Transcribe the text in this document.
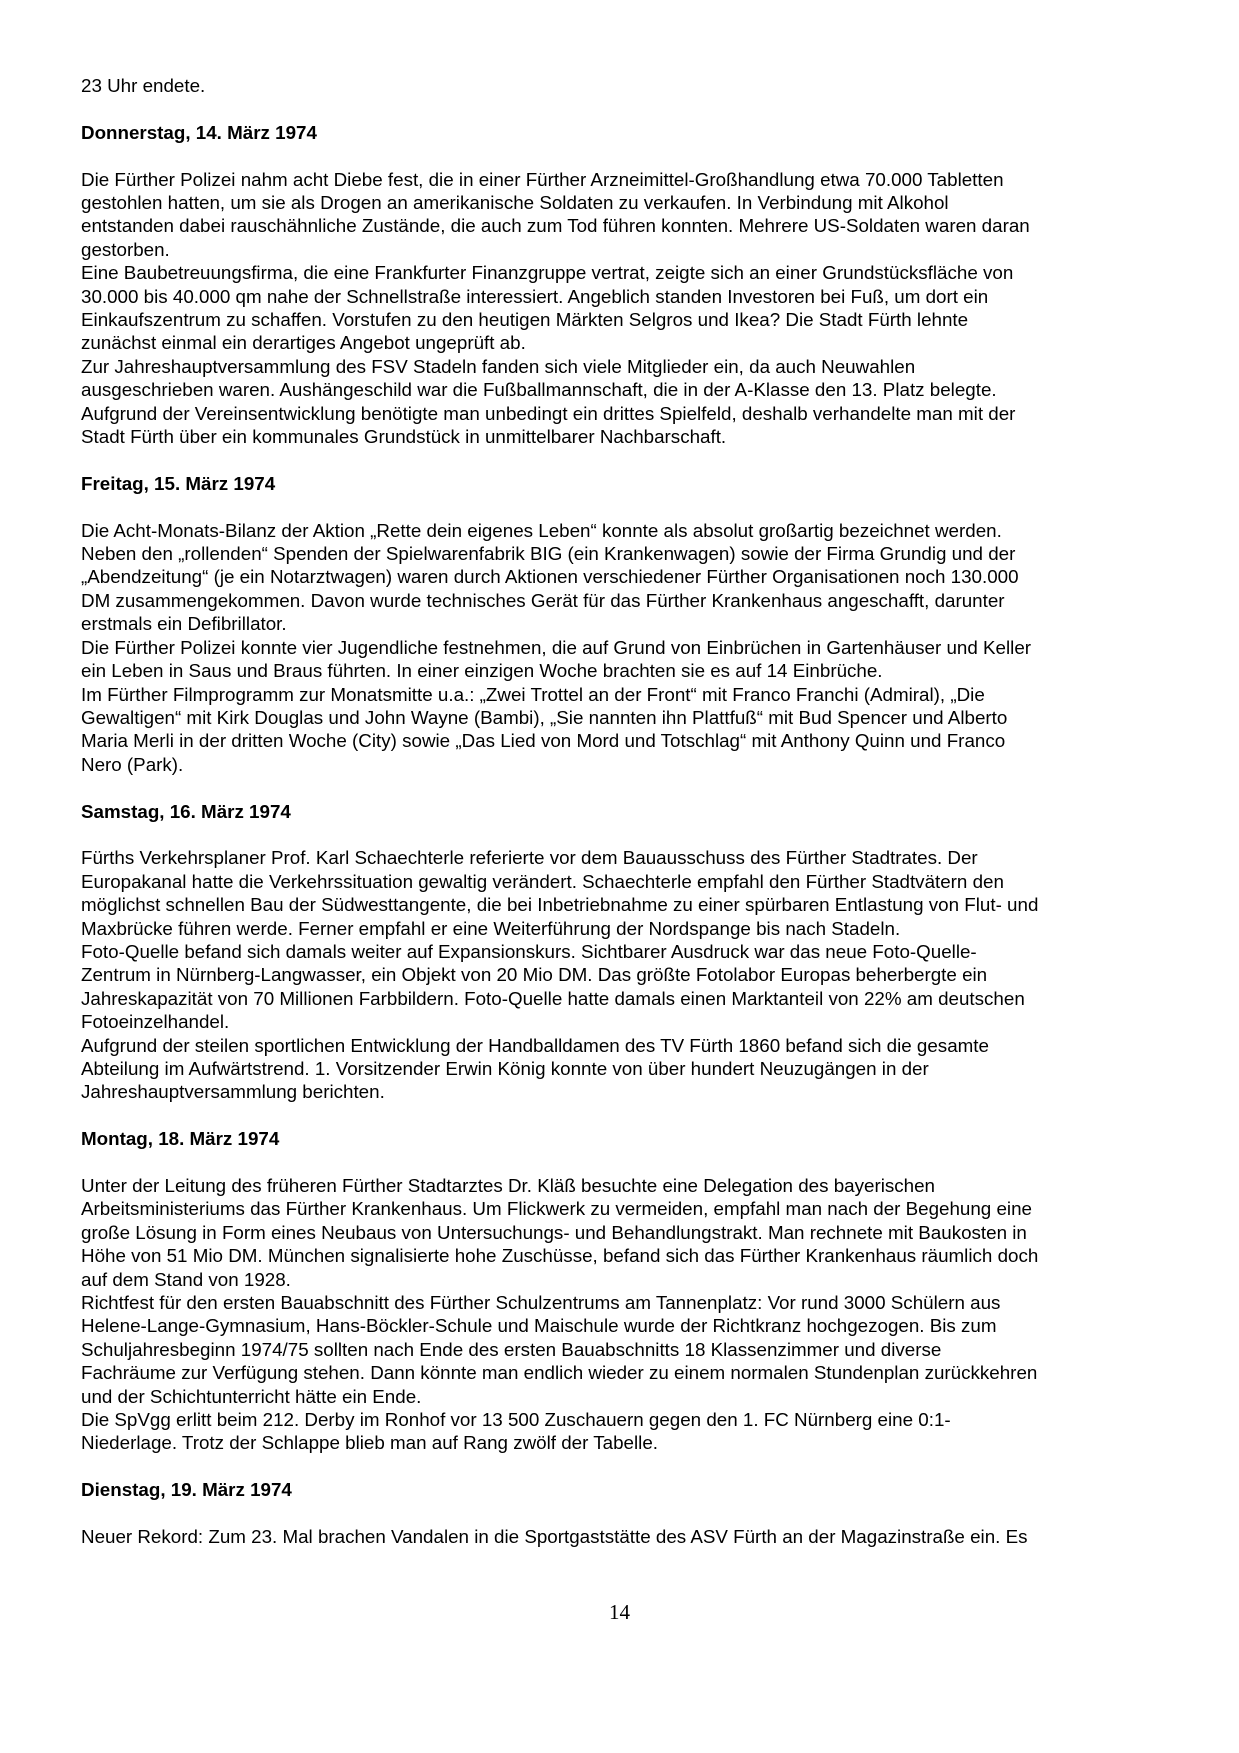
23 Uhr endete.
Donnerstag, 14. März 1974
Die Fürther Polizei nahm acht Diebe fest, die in einer Fürther Arzneimittel-Großhandlung etwa 70.000 Tabletten
gestohlen hatten, um sie als Drogen an amerikanische Soldaten zu verkaufen. In Verbindung mit Alkohol
entstanden dabei rauschähnliche Zustände, die auch zum Tod führen konnten. Mehrere US-Soldaten waren daran
gestorben.
Eine Baubetreuungsfirma, die eine Frankfurter Finanzgruppe vertrat, zeigte sich an einer Grundstücksfläche von
30.000 bis 40.000 qm nahe der Schnellstraße interessiert. Angeblich standen Investoren bei Fuß, um dort ein
Einkaufszentrum zu schaffen. Vorstufen zu den heutigen Märkten Selgros und Ikea? Die Stadt Fürth lehnte
zunächst einmal ein derartiges Angebot ungeprüft ab.
Zur Jahreshauptversammlung des FSV Stadeln fanden sich viele Mitglieder ein, da auch Neuwahlen
ausgeschrieben waren. Aushängeschild war die Fußballmannschaft, die in der A-Klasse den 13. Platz belegte.
Aufgrund der Vereinsentwicklung benötigte man unbedingt ein drittes Spielfeld, deshalb verhandelte man mit der
Stadt Fürth über ein kommunales Grundstück in unmittelbarer Nachbarschaft.
Freitag, 15. März 1974
Die Acht-Monats-Bilanz der Aktion „Rette dein eigenes Leben“ konnte als absolut großartig bezeichnet werden.
Neben den „rollenden“ Spenden der Spielwarenfabrik BIG (ein Krankenwagen) sowie der Firma Grundig und der
„Abendzeitung“ (je ein Notarztwagen) waren durch Aktionen verschiedener Fürther Organisationen noch 130.000
DM zusammengekommen. Davon wurde technisches Gerät für das Fürther Krankenhaus angeschafft, darunter
erstmals ein Defibrillator.
Die Fürther Polizei konnte vier Jugendliche festnehmen, die auf Grund von Einbrüchen in Gartenhäuser und Keller
ein Leben in Saus und Braus führten. In einer einzigen Woche brachten sie es auf 14 Einbrüche.
Im Fürther Filmprogramm zur Monatsmitte u.a.: „Zwei Trottel an der Front“ mit Franco Franchi (Admiral), „Die
Gewaltigen“ mit Kirk Douglas und John Wayne (Bambi), „Sie nannten ihn Plattfuß“ mit Bud Spencer und Alberto
Maria Merli in der dritten Woche (City) sowie „Das Lied von Mord und Totschlag“ mit Anthony Quinn und Franco
Nero (Park).
Samstag, 16. März 1974
Fürths Verkehrsplaner Prof. Karl Schaechterle referierte vor dem Bauausschuss des Fürther Stadtrates. Der
Europakanal hatte die Verkehrssituation gewaltig verändert. Schaechterle empfahl den Fürther Stadtvätern den
möglichst schnellen Bau der Südwesttangente, die bei Inbetriebnahme zu einer spürbaren Entlastung von Flut- und
Maxbrücke führen werde. Ferner empfahl er eine Weiterführung der Nordspange bis nach Stadeln.
Foto-Quelle befand sich damals weiter auf Expansionskurs. Sichtbarer Ausdruck war das neue Foto-Quelle-
Zentrum in Nürnberg-Langwasser, ein Objekt von 20 Mio DM. Das größte Fotolabor Europas beherbergte ein
Jahreskapazität von 70 Millionen Farbbildern. Foto-Quelle hatte damals einen Marktanteil von 22% am deutschen
Fotoeinzelhandel.
Aufgrund der steilen sportlichen Entwicklung der Handballdamen des TV Fürth 1860 befand sich die gesamte
Abteilung im Aufwärtstrend. 1. Vorsitzender Erwin König konnte von über hundert Neuzugängen in der
Jahreshauptversammlung berichten.
Montag, 18. März 1974
Unter der Leitung des früheren Fürther Stadtarztes Dr. Kläß besuchte eine Delegation des bayerischen
Arbeitsministeriums das Fürther Krankenhaus. Um Flickwerk zu vermeiden, empfahl man nach der Begehung eine
große Lösung in Form eines Neubaus von Untersuchungs- und Behandlungstrakt. Man rechnete mit Baukosten in
Höhe von 51 Mio DM. München signalisierte hohe Zuschüsse, befand sich das Fürther Krankenhaus räumlich doch
auf dem Stand von 1928.
Richtfest für den ersten Bauabschnitt des Fürther Schulzentrums am Tannenplatz: Vor rund 3000 Schülern aus
Helene-Lange-Gymnasium, Hans-Böckler-Schule und Maischule wurde der Richtkranz hochgezogen. Bis zum
Schuljahresbeginn 1974/75 sollten nach Ende des ersten Bauabschnitts 18 Klassenzimmer und diverse
Fachräume zur Verfügung stehen. Dann könnte man endlich wieder zu einem normalen Stundenplan zurückkehren
und der Schichtunterricht hätte ein Ende.
Die SpVgg erlitt beim 212. Derby im Ronhof vor 13 500 Zuschauern gegen den 1. FC Nürnberg eine 0:1-
Niederlage. Trotz der Schlappe blieb man auf Rang zwölf der Tabelle.
Dienstag, 19. März 1974
Neuer Rekord: Zum 23. Mal brachen Vandalen in die Sportgaststätte des ASV Fürth an der Magazinstraße ein. Es
14
